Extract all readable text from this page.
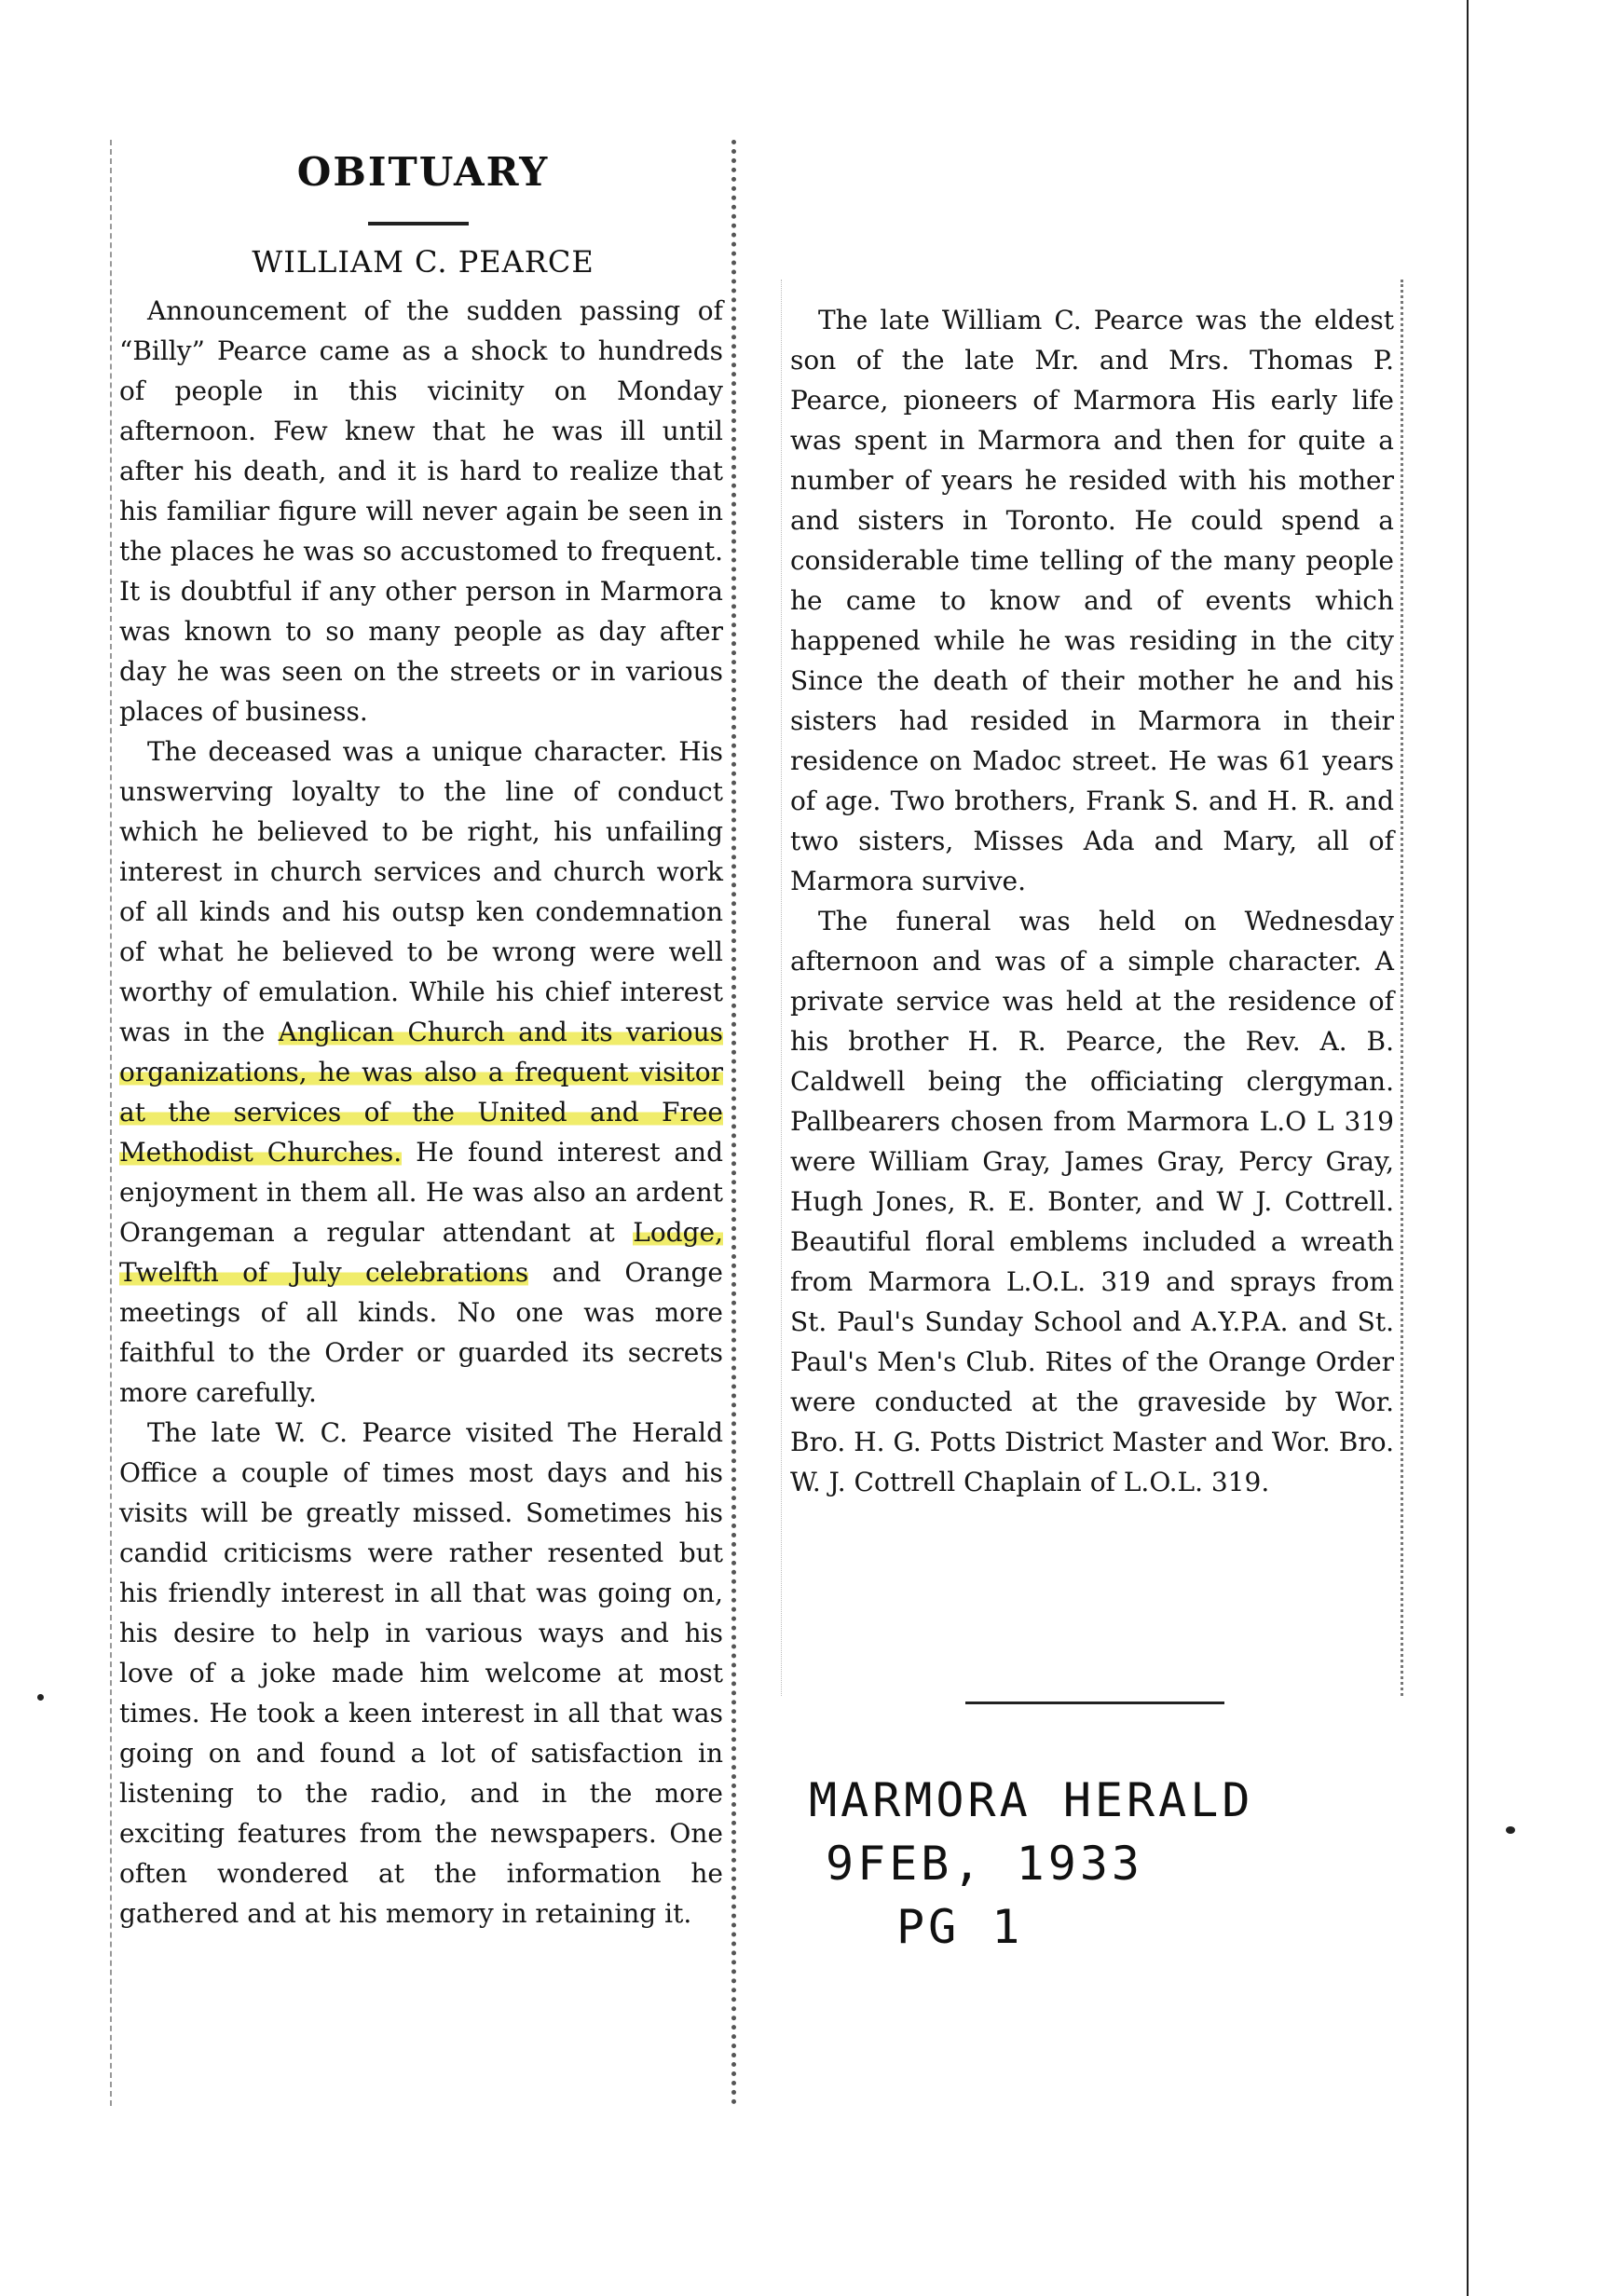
OBITUARY
WILLIAM C. PEARCE

Announcement of the sudden passing of “Billy” Pearce came as a shock to hundreds of people in this vicinity on Monday afternoon. Few knew that he was ill until after his death, and it is hard to realize that his familiar figure will never again be seen in the places he was so accustomed to frequent. It is doubtful if any other person in Marmora was known to so many people as day after day he was seen on the streets or in various places of business.

The deceased was a unique character. His unswerving loyalty to the line of conduct which he believed to be right, his unfailing interest in church services and church work of all kinds and his outsp ken condemnation of what he believed to be wrong were well worthy of emulation. While his chief interest was in the Anglican Church and its various organizations, he was also a frequent visitor at the services of the United and Free Methodist Churches. He found interest and enjoyment in them all. He was also an ardent Orangeman a regular attendant at Lodge, Twelfth of July celebrations and Orange meetings of all kinds. No one was more faithful to the Order or guarded its secrets more carefully.

The late W. C. Pearce visited The Herald Office a couple of times most days and his visits will be greatly missed. Sometimes his candid criticisms were rather resented but his friendly interest in all that was going on, his desire to help in various ways and his love of a joke made him welcome at most times. He took a keen interest in all that was going on and found a lot of satisfaction in listening to the radio, and in the more exciting features from the newspapers. One often wondered at the information he gathered and at his memory in retaining it.

The late William C. Pearce was the eldest son of the late Mr. and Mrs. Thomas P. Pearce, pioneers of Marmora His early life was spent in Marmora and then for quite a number of years he resided with his mother and sisters in Toronto. He could spend a considerable time telling of the many people he came to know and of events which happened while he was residing in the city Since the death of their mother he and his sisters had resided in Marmora in their residence on Madoc street. He was 61 years of age. Two brothers, Frank S. and H. R. and two sisters, Misses Ada and Mary, all of Marmora survive.

The funeral was held on Wednesday afternoon and was of a simple character. A private service was held at the residence of his brother H. R. Pearce, the Rev. A. B. Caldwell being the officiating clergyman. Pallbearers chosen from Marmora L.O L 319 were William Gray, James Gray, Percy Gray, Hugh Jones, R. E. Bonter, and W J. Cottrell. Beautiful floral emblems included a wreath from Marmora L.O.L. 319 and sprays from St. Paul's Sunday School and A.Y.P.A. and St. Paul's Men's Club. Rites of the Orange Order were conducted at the graveside by Wor. Bro. H. G. Potts District Master and Wor. Bro. W. J. Cottrell Chaplain of L.O.L. 319.

MARMORA HERALD
9FEB, 1933
PG 1
